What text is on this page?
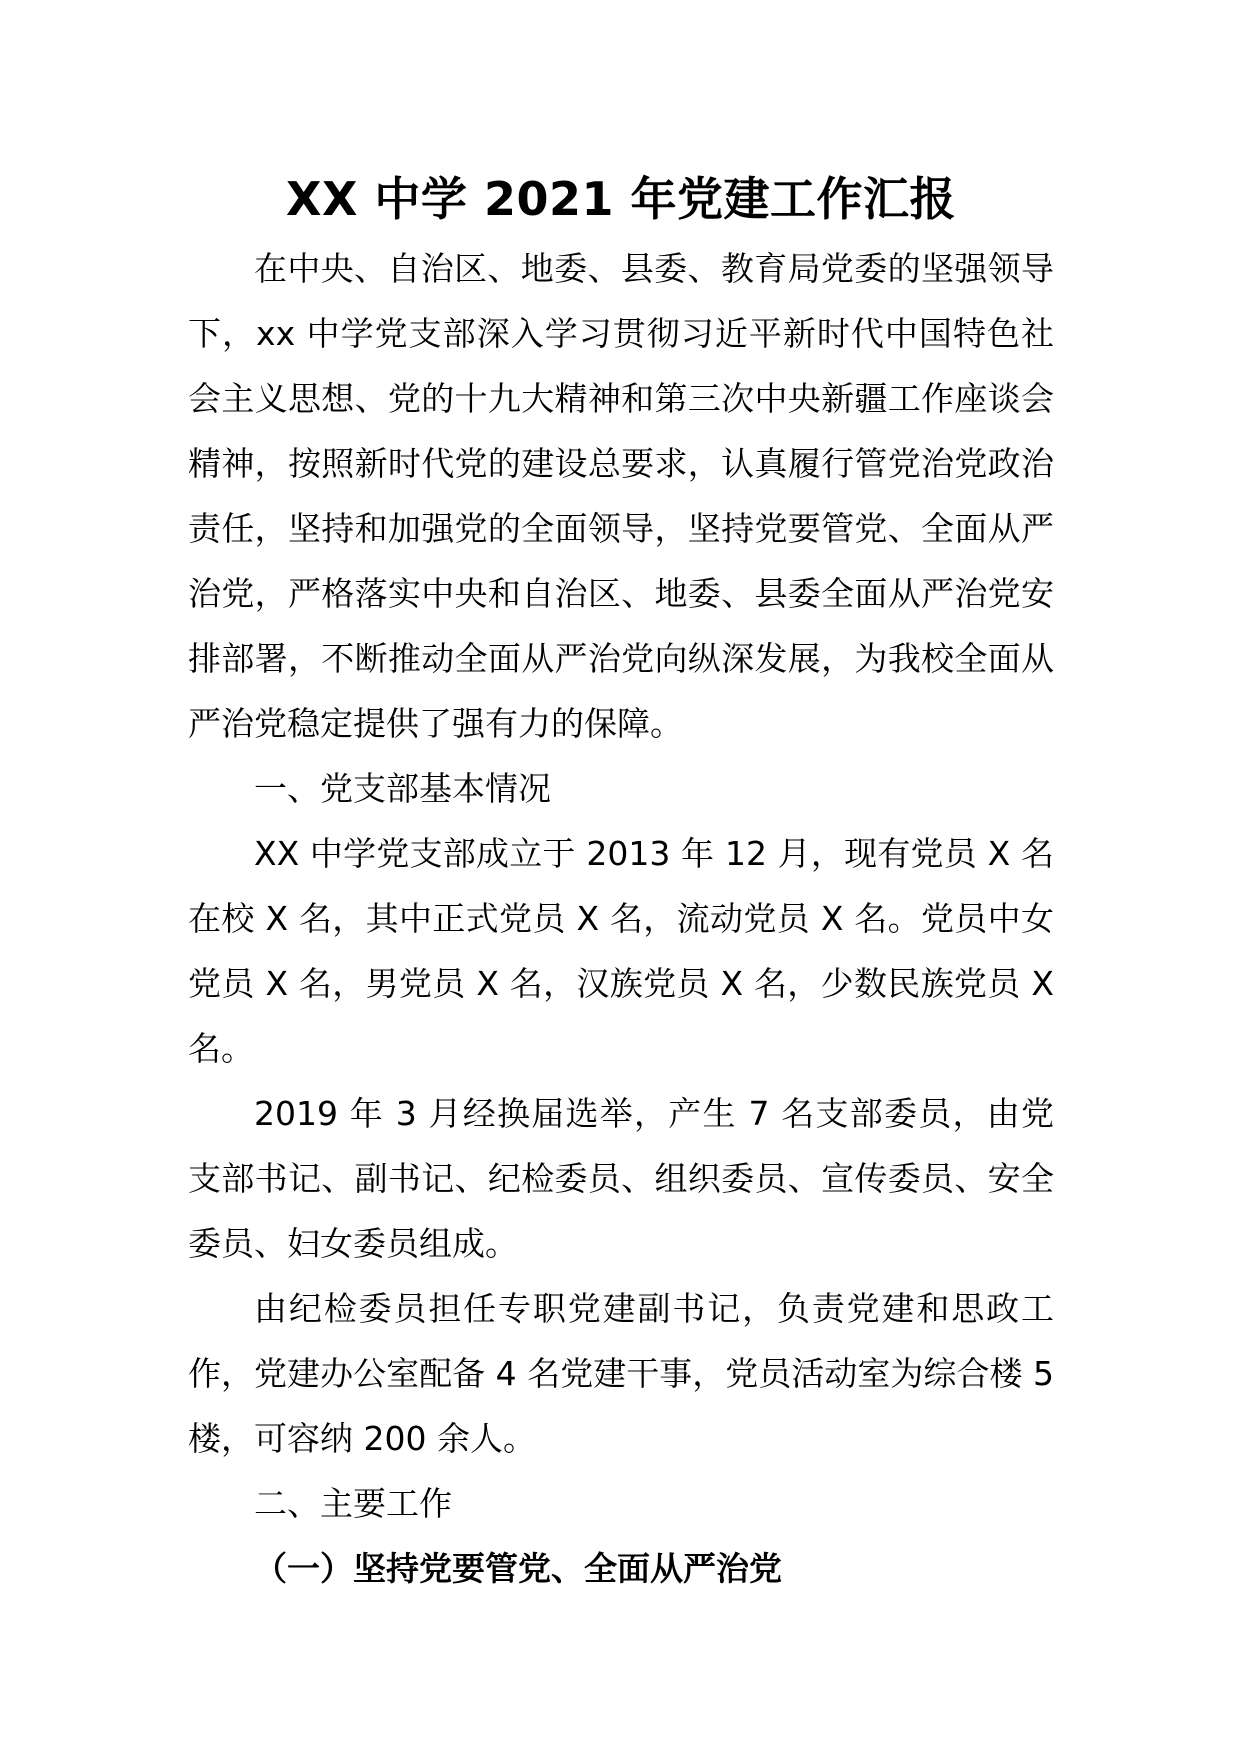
XX 中学 2021 年党建工作汇报

在中央、自治区、地委、县委、教育局党委的坚强领导下，xx 中学党支部深入学习贯彻习近平新时代中国特色社会主义思想、党的十九大精神和第三次中央新疆工作座谈会精神，按照新时代党的建设总要求，认真履行管党治党政治责任，坚持和加强党的全面领导，坚持党要管党、全面从严治党，严格落实中央和自治区、地委、县委全面从严治党安排部署，不断推动全面从严治党向纵深发展，为我校全面从严治党稳定提供了强有力的保障。

一、党支部基本情况

XX 中学党支部成立于 2013 年 12 月，现有党员 X 名在校 X 名，其中正式党员 X 名，流动党员 X 名。党员中女党员 X 名，男党员 X 名，汉族党员 X 名，少数民族党员 X 名。

2019 年 3 月经换届选举，产生 7 名支部委员，由党支部书记、副书记、纪检委员、组织委员、宣传委员、安全委员、妇女委员组成。

由纪检委员担任专职党建副书记，负责党建和思政工作，党建办公室配备 4 名党建干事，党员活动室为综合楼 5 楼，可容纳 200 余人。

二、主要工作

（一）坚持党要管党、全面从严治党
